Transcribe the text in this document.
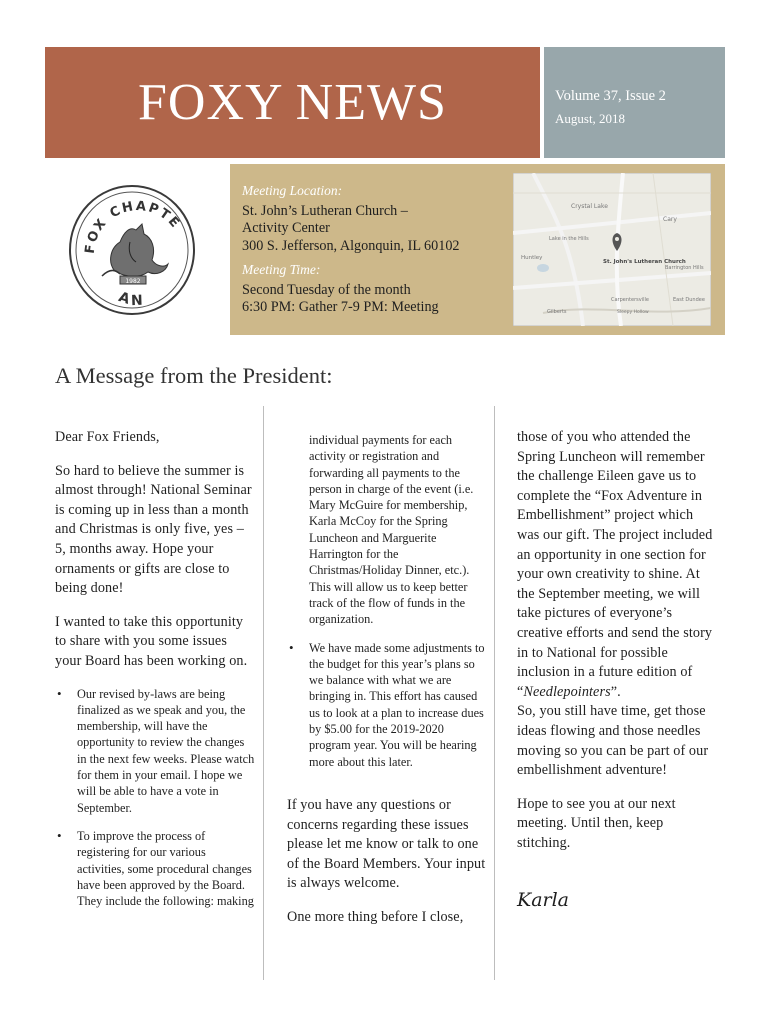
FOXY NEWS	Volume 37, Issue 2
August, 2018
FOX CHAPTE
1982
AN
Meeting Location:
St. John’s Lutheran Church –
Activity Center
300 S. Jefferson, Algonquin, IL 60102
Meeting Time:
Second Tuesday of the month
6:30 PM: Gather 7-9 PM: Meeting
Crystal Lake
Lake in the Hills
Huntley
Carpentersville
Gilberts	Sleepy Hollow
East Dundee
Barrington Hills
Cary
St. John's Lutheran Church
A Message from the President:

Dear Fox Friends,

So hard to believe the summer is almost through! National Seminar is coming up in less than a month and Christmas is only five, yes – 5, months away. Hope your ornaments or gifts are close to being done!

I wanted to take this opportunity to share with you some issues your Board has been working on.

• Our revised by-laws are being finalized as we speak and you, the membership, will have the opportunity to review the changes in the next few weeks. Please watch for them in your email. I hope we will be able to have a vote in September.
• To improve the process of registering for our various activities, some procedural changes have been approved by the Board. They include the following: making
individual payments for each activity or registration and forwarding all payments to the person in charge of the event (i.e. Mary McGuire for membership, Karla McCoy for the Spring Luncheon and Marguerite Harrington for the Christmas/Holiday Dinner, etc.). This will allow us to keep better track of the flow of funds in the organization.
• We have made some adjustments to the budget for this year’s plans so we balance with what we are bringing in. This effort has caused us to look at a plan to increase dues by $5.00 for the 2019-2020 program year. You will be hearing more about this later.

If you have any questions or concerns regarding these issues please let me know or talk to one of the Board Members. Your input is always welcome.

One more thing before I close,

those of you who attended the Spring Luncheon will remember the challenge Eileen gave us to complete the “Fox Adventure in Embellishment” project which was our gift. The project included an opportunity in one section for your own creativity to shine. At the September meeting, we will take pictures of everyone’s creative efforts and send the story in to National for possible inclusion in a future edition of “Needlepointers”.

So, you still have time, get those ideas flowing and those needles moving so you can be part of our embellishment adventure!

Hope to see you at our next meeting. Until then, keep stitching.

Karla
